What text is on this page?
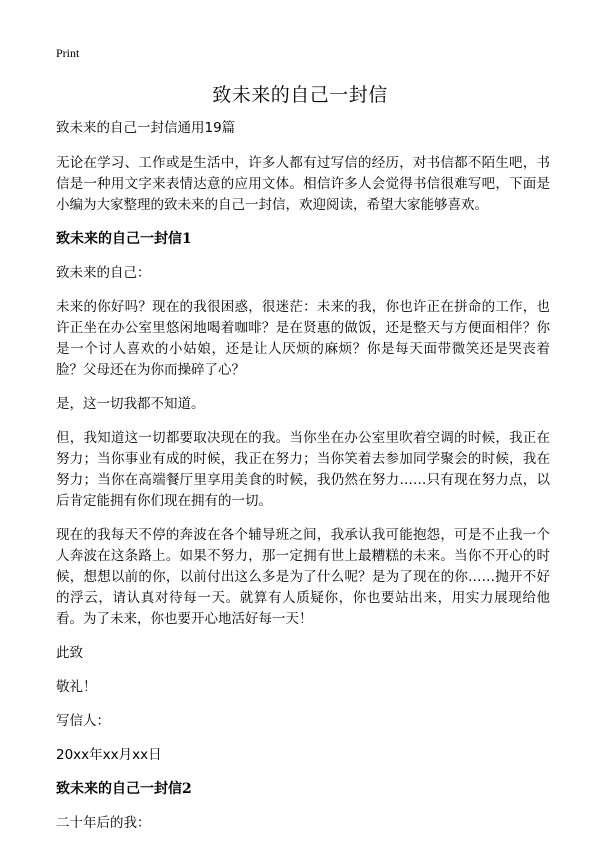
Print
致未来的自己一封信

致未来的自己一封信通用19篇

无论在学习、工作或是生活中，许多人都有过写信的经历，对书信都不陌生吧，书信是一种用文字来表情达意的应用文体。相信许多人会觉得书信很难写吧，下面是小编为大家整理的致未来的自己一封信，欢迎阅读，希望大家能够喜欢。

致未来的自己一封信1

致未来的自己：

未来的你好吗？现在的我很困惑，很迷茫：未来的我，你也许正在拼命的工作，也许正坐在办公室里悠闲地喝着咖啡？是在贤惠的做饭，还是整天与方便面相伴？你是一个讨人喜欢的小姑娘，还是让人厌烦的麻烦？你是每天面带微笑还是哭丧着脸？父母还在为你而操碎了心？

是，这一切我都不知道。

但，我知道这一切都要取决现在的我。当你坐在办公室里吹着空调的时候，我正在努力；当你事业有成的时候，我正在努力；当你笑着去参加同学聚会的时候，我在努力；当你在高端餐厅里享用美食的时候，我仍然在努力……只有现在努力点，以后肯定能拥有你们现在拥有的一切。

现在的我每天不停的奔波在各个辅导班之间，我承认我可能抱怨，可是不止我一个人奔波在这条路上。如果不努力，那一定拥有世上最糟糕的未来。当你不开心的时候，想想以前的你，以前付出这么多是为了什么呢？是为了现在的你……抛开不好的浮云，请认真对待每一天。就算有人质疑你，你也要站出来，用实力展现给他看。为了未来，你也要开心地活好每一天！

此致

敬礼！

写信人：

20xx年xx月xx日

致未来的自己一封信2

二十年后的我：
